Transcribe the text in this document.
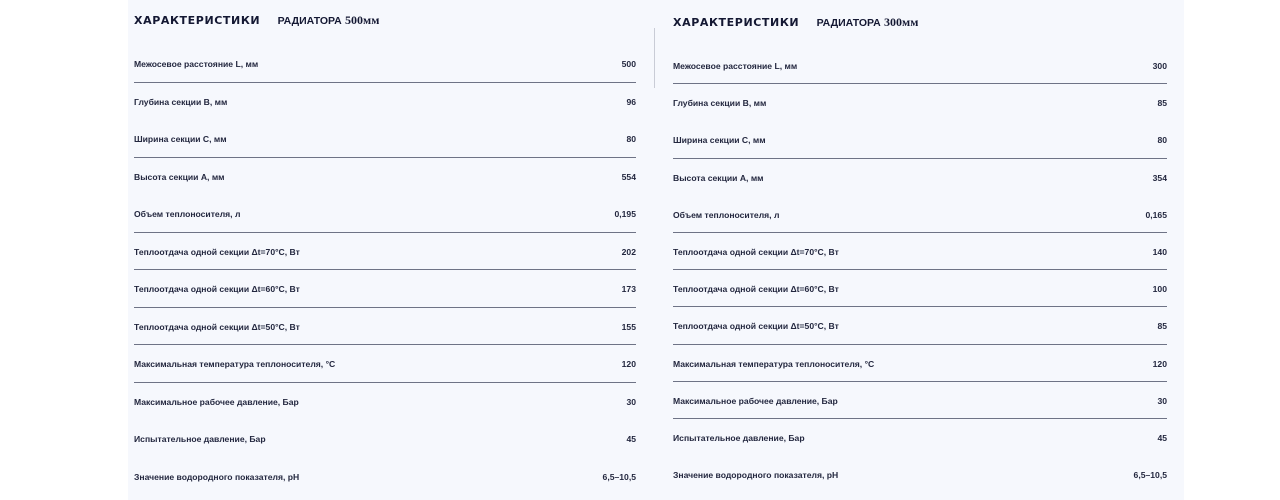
ХАРАКТЕРИСТИКИ РАДИАТОРА 500мм
Межосевое расстояние L, мм	500
Глубина секции B, мм	96
Ширина секции C, мм	80
Высота секции A, мм	554
Объем теплоносителя, л	0,195
Теплоотдача одной секции Δt=70°C, Вт	202
Теплоотдача одной секции Δt=60°C, Вт	173
Теплоотдача одной секции Δt=50°C, Вт	155
Максимальная температура теплоносителя, °C	120
Максимальное рабочее давление, Бар	30
Испытательное давление, Бар	45
Значение водородного показателя, pH	6,5–10,5
ХАРАКТЕРИСТИКИ РАДИАТОРА 300мм
Межосевое расстояние L, мм	300
Глубина секции B, мм	85
Ширина секции C, мм	80
Высота секции A, мм	354
Объем теплоносителя, л	0,165
Теплоотдача одной секции Δt=70°C, Вт	140
Теплоотдача одной секции Δt=60°C, Вт	100
Теплоотдача одной секции Δt=50°C, Вт	85
Максимальная температура теплоносителя, °C	120
Максимальное рабочее давление, Бар	30
Испытательное давление, Бар	45
Значение водородного показателя, pH	6,5–10,5
